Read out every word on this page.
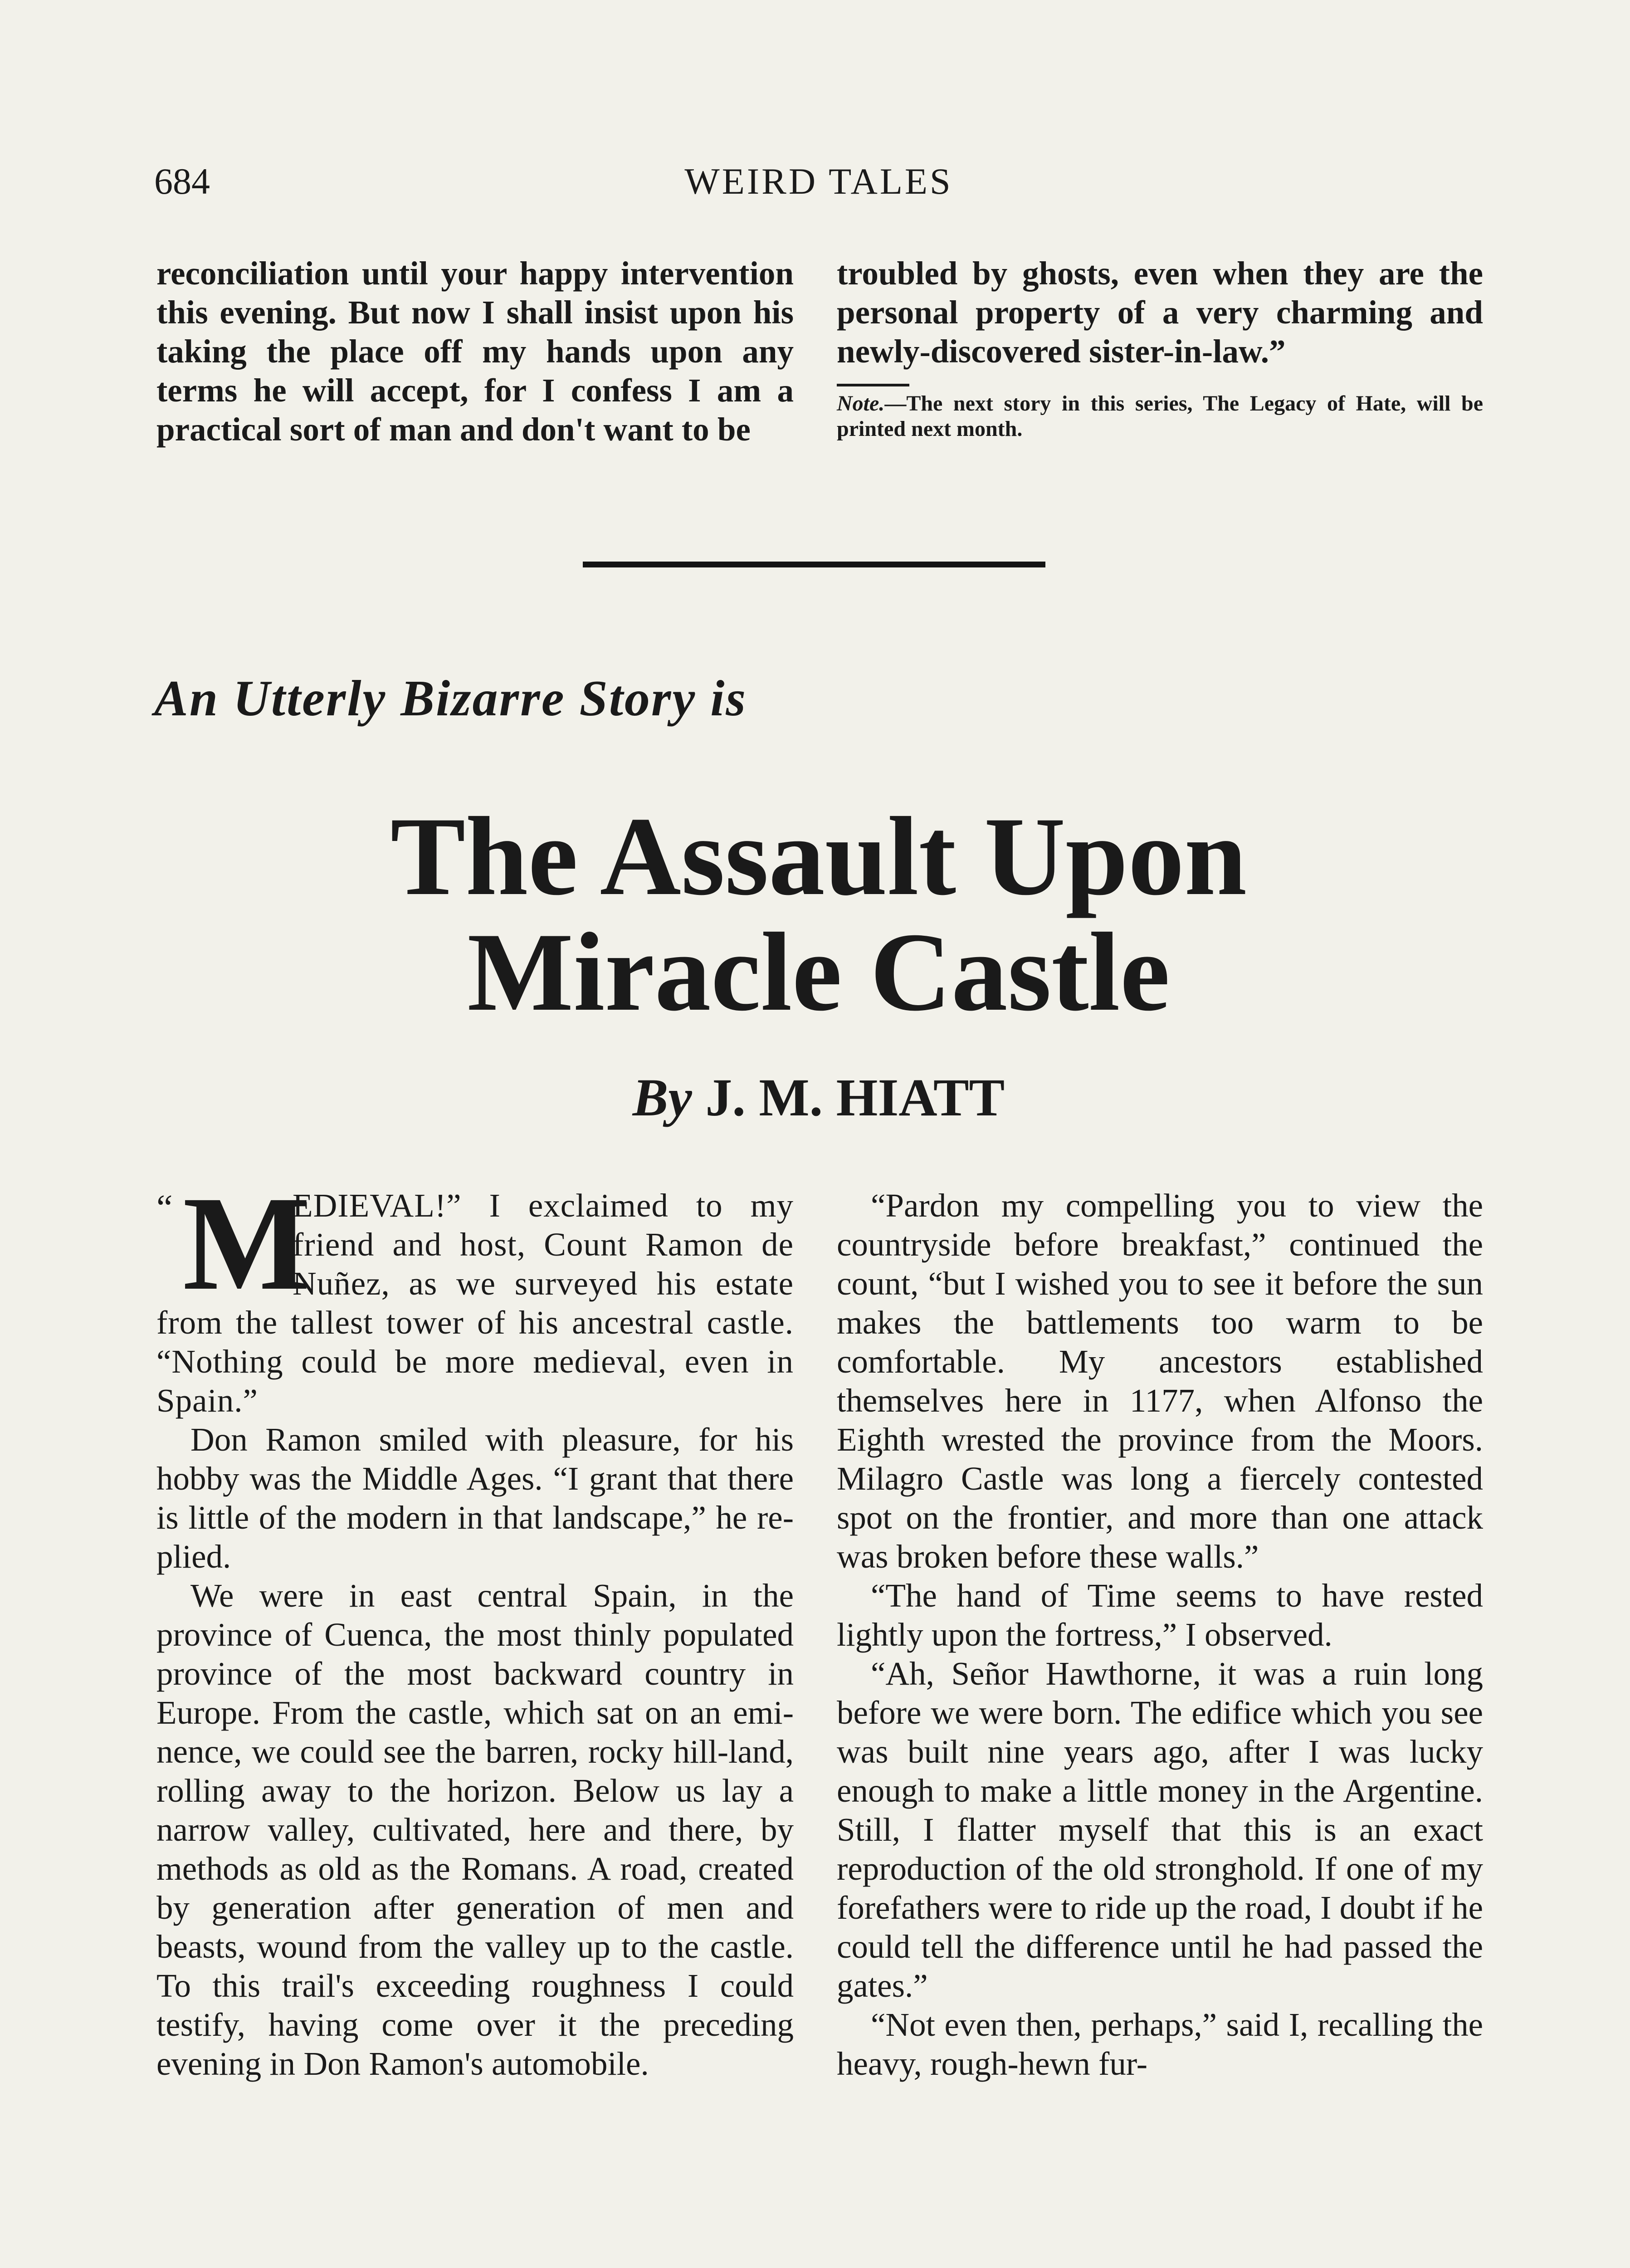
684	WEIRD TALES

reconciliation until your happy intervention this evening. But now I shall insist upon his taking the place off my hands upon any terms he will accept, for I confess I am a practical sort of man and don't want to be

troubled by ghosts, even when they are the personal property of a very charming and newly-discovered sister-in-law.”

Note.—The next story in this series, The Legacy of Hate, will be printed next month.
An Utterly Bizarre Story is
The Assault Upon
Miracle Castle
By J. M. HIATT

“ M
EDIEVAL!” I exclaimed to my friend and host, Count Ramon de Nuñez, as we surveyed his estate from the tallest tower of his ancestral castle. “Nothing could be more medieval, even in Spain.”

Don Ramon smiled with pleasure, for his hobby was the Middle Ages. “I grant that there is little of the modern in that landscape,” he replied.

We were in east central Spain, in the province of Cuenca, the most thinly populated province of the most backward country in Europe. From the castle, which sat on an eminence, we could see the barren, rocky hill-land, rolling away to the horizon. Below us lay a narrow valley, cultivated, here and there, by methods as old as the Romans. A road, created by generation after generation of men and beasts, wound from the valley up to the castle. To this trail's exceeding roughness I could testify, having come over it the preceding evening in Don Ramon's automobile.

“Pardon my compelling you to view the countryside before breakfast,” continued the count, “but I wished you to see it before the sun makes the battlements too warm to be comfortable. My ancestors established themselves here in 1177, when Alfonso the Eighth wrested the province from the Moors. Milagro Castle was long a fiercely contested spot on the frontier, and more than one attack was broken before these walls.”

“The hand of Time seems to have rested lightly upon the fortress,” I observed.

“Ah, Señor Hawthorne, it was a ruin long before we were born. The edifice which you see was built nine years ago, after I was lucky enough to make a little money in the Argentine. Still, I flatter myself that this is an exact reproduction of the old stronghold. If one of my forefathers were to ride up the road, I doubt if he could tell the difference until he had passed the gates.”

“Not even then, perhaps,” said I, recalling the heavy, rough-hewn fur-
